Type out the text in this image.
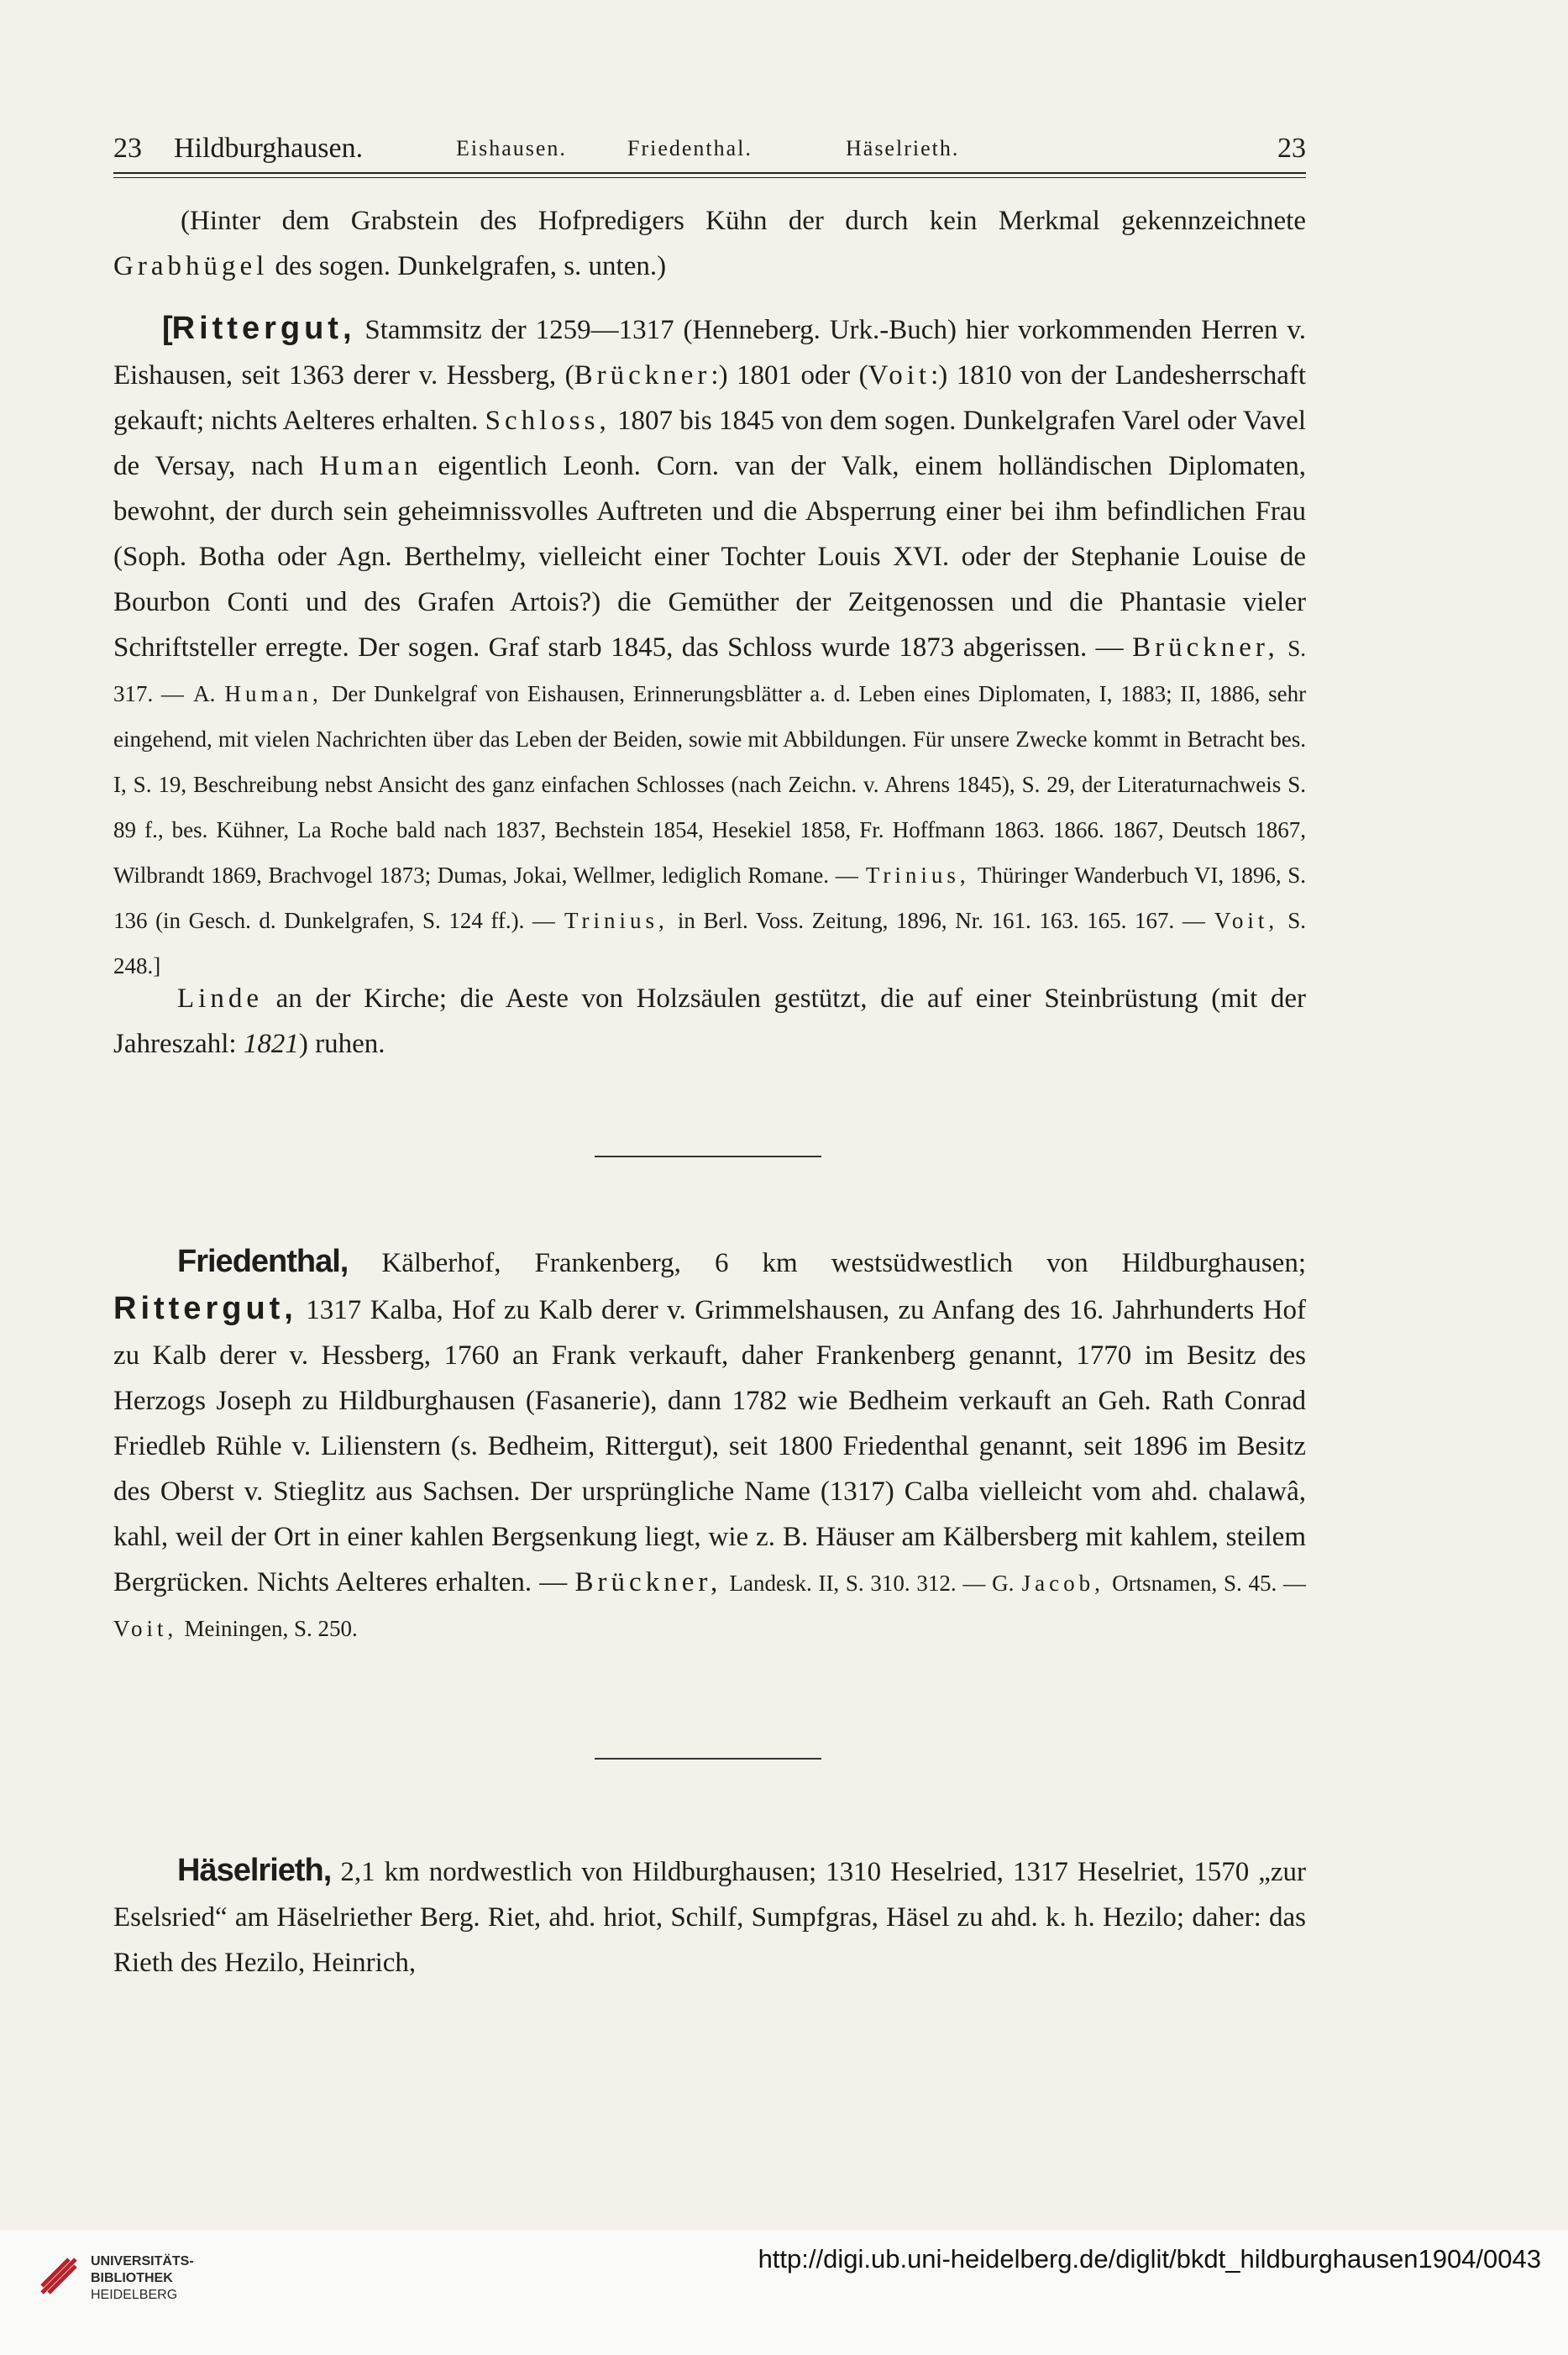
23 Hildburghausen.	Eishausen.	Friedenthal.	Häselrieth.	23
(Hinter dem Grabstein des Hofpredigers Kühn der durch kein Merkmal gekennzeichnete Grabhügel des sogen. Dunkelgrafen, s. unten.)
[Rittergut, Stammsitz der 1259—1317 (Henneberg. Urk.-Buch) hier vorkommenden Herren v. Eishausen, seit 1363 derer v. Hessberg, (Brückner:) 1801 oder (Voit:) 1810 von der Landesherrschaft gekauft; nichts Aelteres erhalten. Schloss, 1807 bis 1845 von dem sogen. Dunkelgrafen Varel oder Vavel de Versay, nach Human eigentlich Leonh. Corn. van der Valk, einem holländischen Diplomaten, bewohnt, der durch sein geheimnissvolles Auftreten und die Absperrung einer bei ihm befindlichen Frau (Soph. Botha oder Agn. Berthelmy, vielleicht einer Tochter Louis XVI. oder der Stephanie Louise de Bourbon Conti und des Grafen Artois?) die Gemüther der Zeitgenossen und die Phantasie vieler Schriftsteller erregte. Der sogen. Graf starb 1845, das Schloss wurde 1873 abgerissen. — Brückner, S. 317. — A. Human, Der Dunkelgraf von Eishausen, Erinnerungsblätter a. d. Leben eines Diplomaten, I, 1883; II, 1886, sehr eingehend, mit vielen Nachrichten über das Leben der Beiden, sowie mit Abbildungen. Für unsere Zwecke kommt in Betracht bes. I, S. 19, Beschreibung nebst Ansicht des ganz einfachen Schlosses (nach Zeichn. v. Ahrens 1845), S. 29, der Literaturnachweis S. 89 f., bes. Kühner, La Roche bald nach 1837, Bechstein 1854, Hesekiel 1858, Fr. Hoffmann 1863. 1866. 1867, Deutsch 1867, Wilbrandt 1869, Brachvogel 1873; Dumas, Jokai, Wellmer, lediglich Romane. — Trinius, Thüringer Wanderbuch VI, 1896, S. 136 (in Gesch. d. Dunkelgrafen, S. 124 ff.). — Trinius, in Berl. Voss. Zeitung, 1896, Nr. 161. 163. 165. 167. — Voit, S. 248.]
Linde an der Kirche; die Aeste von Holzsäulen gestützt, die auf einer Steinbrüstung (mit der Jahreszahl: 1821) ruhen.
Friedenthal, Kälberhof, Frankenberg, 6 km westsüdwestlich von Hildburghausen; Rittergut, 1317 Kalba, Hof zu Kalb derer v. Grimmelshausen, zu Anfang des 16. Jahrhunderts Hof zu Kalb derer v. Hessberg, 1760 an Frank verkauft, daher Frankenberg genannt, 1770 im Besitz des Herzogs Joseph zu Hildburghausen (Fasanerie), dann 1782 wie Bedheim verkauft an Geh. Rath Conrad Friedleb Rühle v. Lilienstern (s. Bedheim, Rittergut), seit 1800 Friedenthal genannt, seit 1896 im Besitz des Oberst v. Stieglitz aus Sachsen. Der ursprüngliche Name (1317) Calba vielleicht vom ahd. chalawâ, kahl, weil der Ort in einer kahlen Bergsenkung liegt, wie z. B. Häuser am Kälbersberg mit kahlem, steilem Bergrücken. Nichts Aelteres erhalten. — Brückner, Landesk. II, S. 310. 312. — G. Jacob, Ortsnamen, S. 45. — Voit, Meiningen, S. 250.
Häselrieth, 2,1 km nordwestlich von Hildburghausen; 1310 Heselried, 1317 Heselriet, 1570 „zur Eselsried“ am Häselriether Berg. Riet, ahd. hriot, Schilf, Sumpfgras, Häsel zu ahd. k. h. Hezilo; daher: das Rieth des Hezilo, Heinrich,
UNIVERSITÄTS-
BIBLIOTHEK
HEIDELBERG
http://digi.ub.uni-heidelberg.de/diglit/bkdt_hildburghausen1904/0043
